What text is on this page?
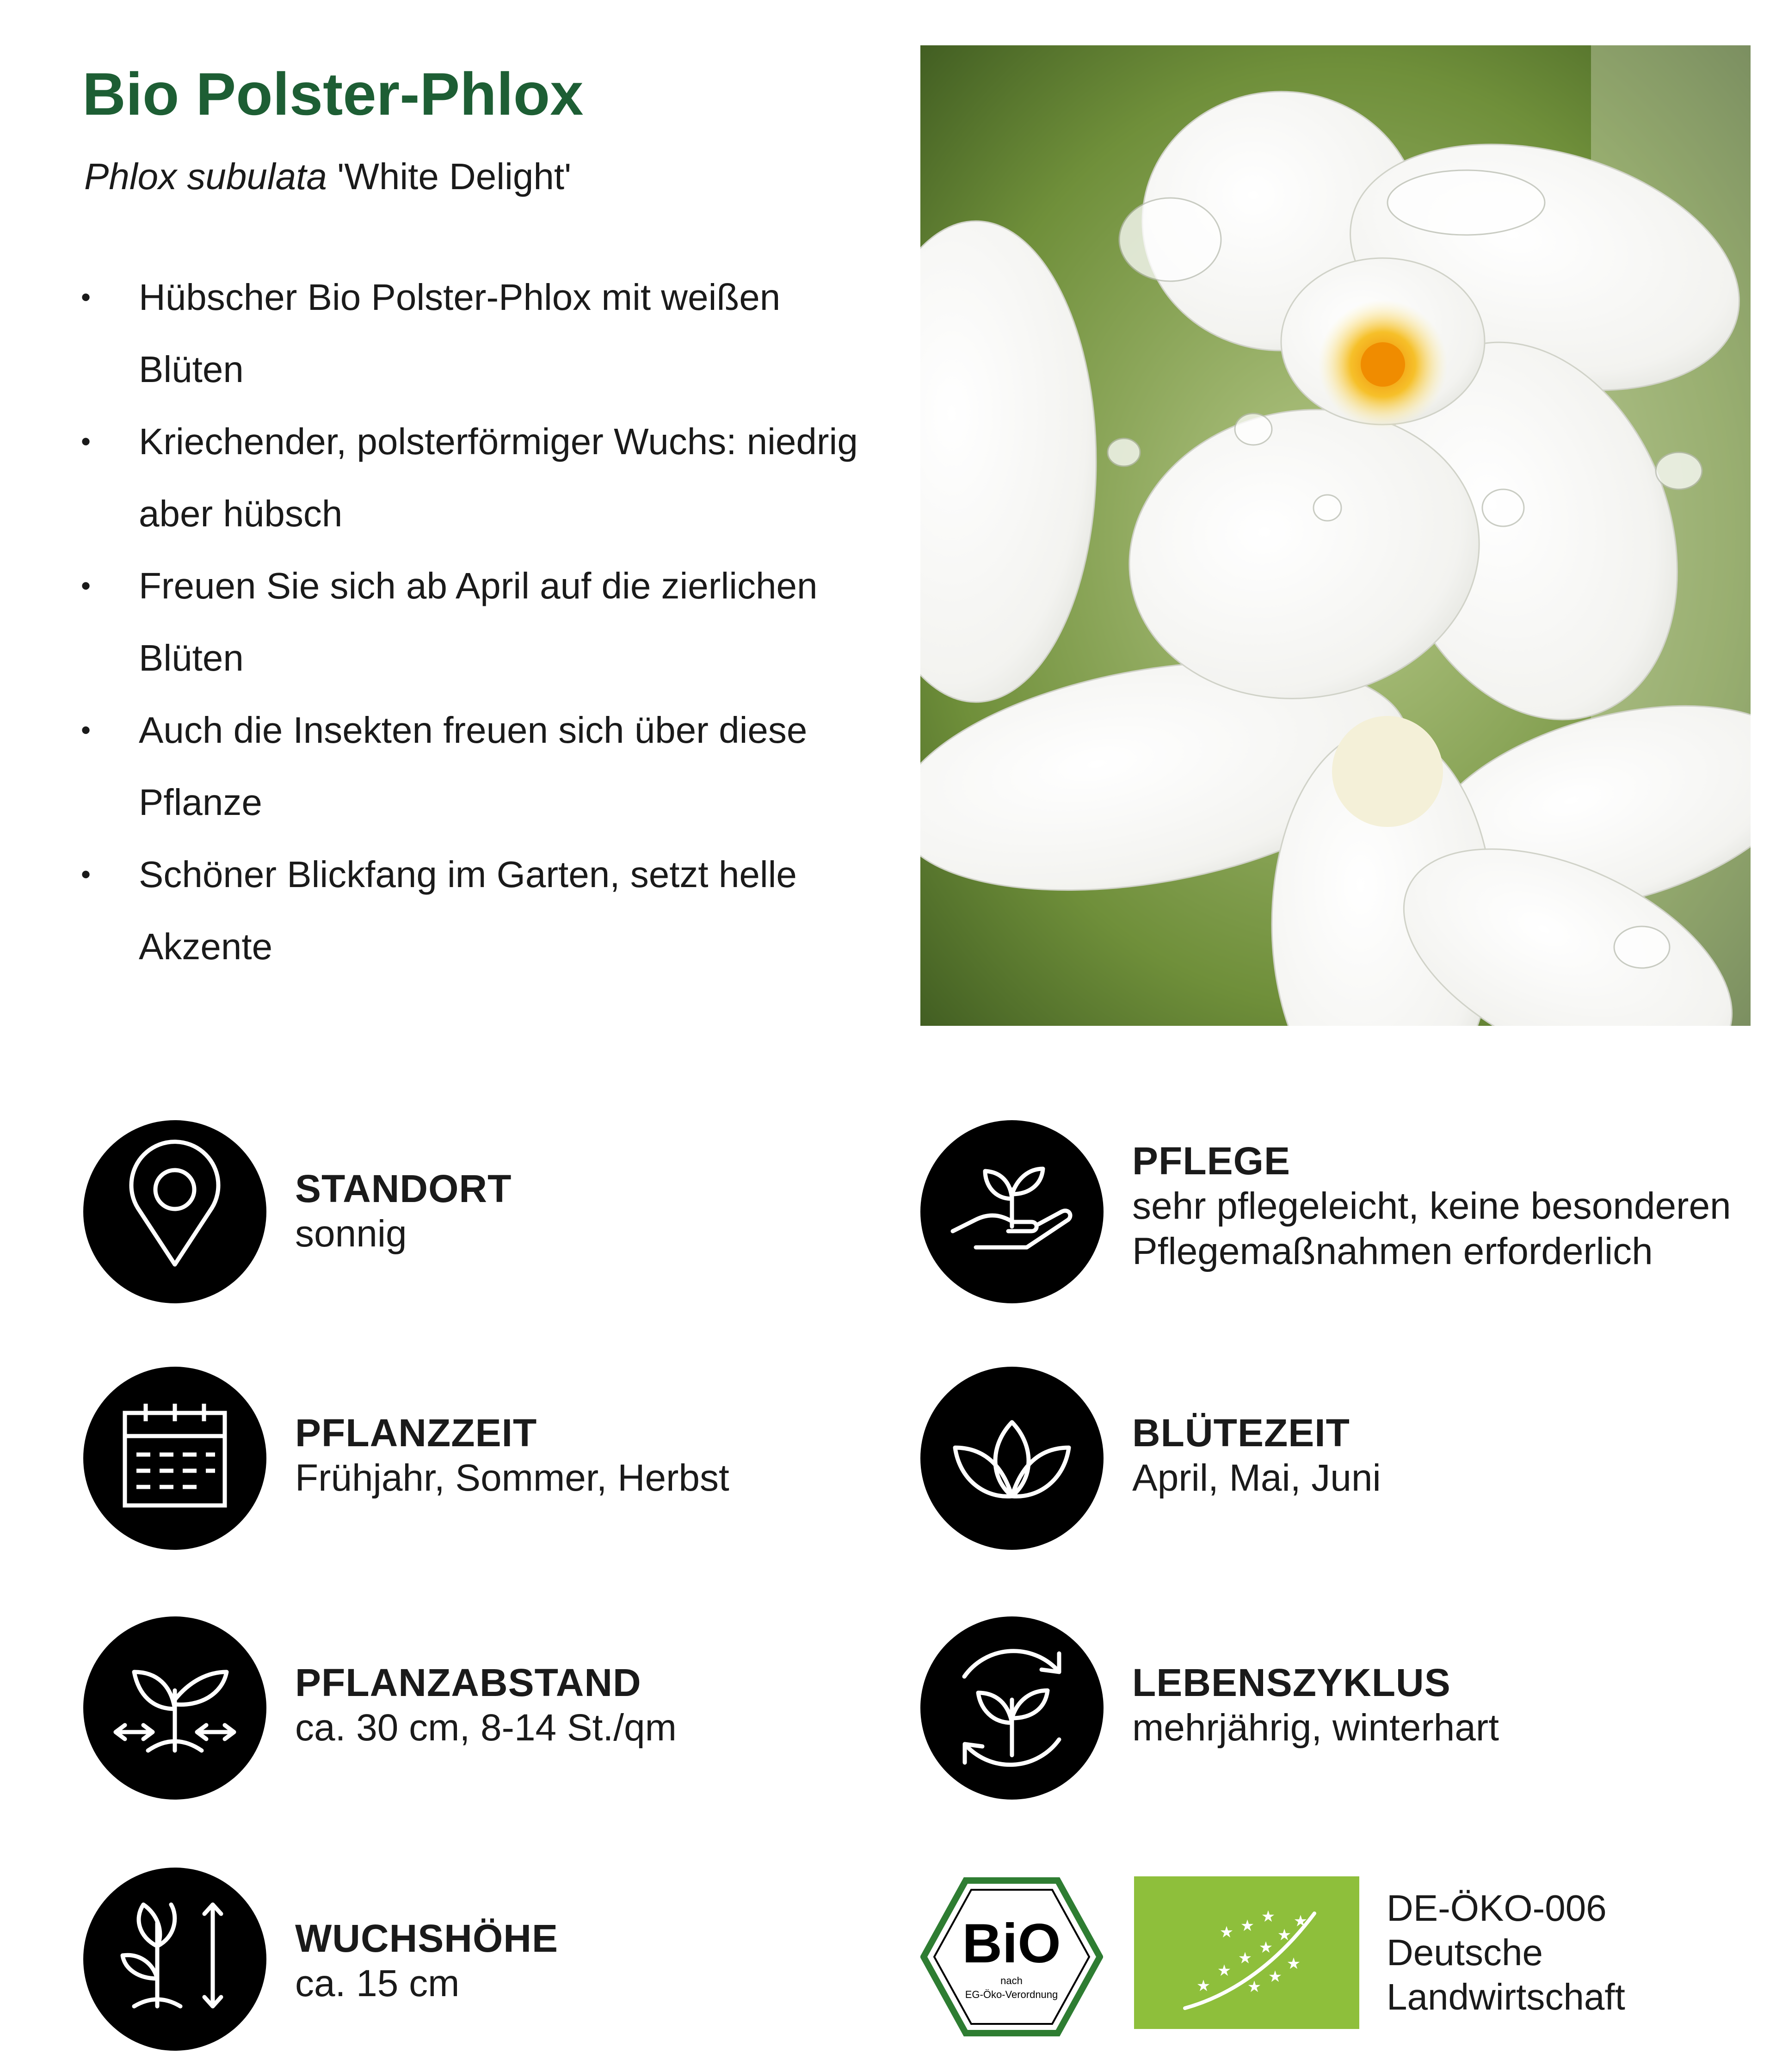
Bio Polster-Phlox
Phlox subulata 'White Delight'
• Hübscher Bio Polster-Phlox mit weißen Blüten
• Kriechender, polsterförmiger Wuchs: niedrig aber hübsch
• Freuen Sie sich ab April auf die zierlichen Blüten
• Auch die Insekten freuen sich über diese Pflanze
• Schöner Blickfang im Garten, setzt helle Akzente
STANDORT
sonnig
PFLANZZEIT
Frühjahr, Sommer, Herbst
PFLANZABSTAND
ca. 30 cm, 8-14 St./qm
WUCHSHÖHE
ca. 15 cm
PFLEGE
sehr pflegeleicht, keine besonderen
Pflegemaßnahmen erforderlich
BLÜTEZEIT
April, Mai, Juni
LEBENSZYKLUS
mehrjährig, winterhart
BiO
nach
EG-Öko-Verordnung	★
★
★
★
★
★
★ ★ ★
★
★
★
DE-ÖKO-006
Deutsche
Landwirtschaft
